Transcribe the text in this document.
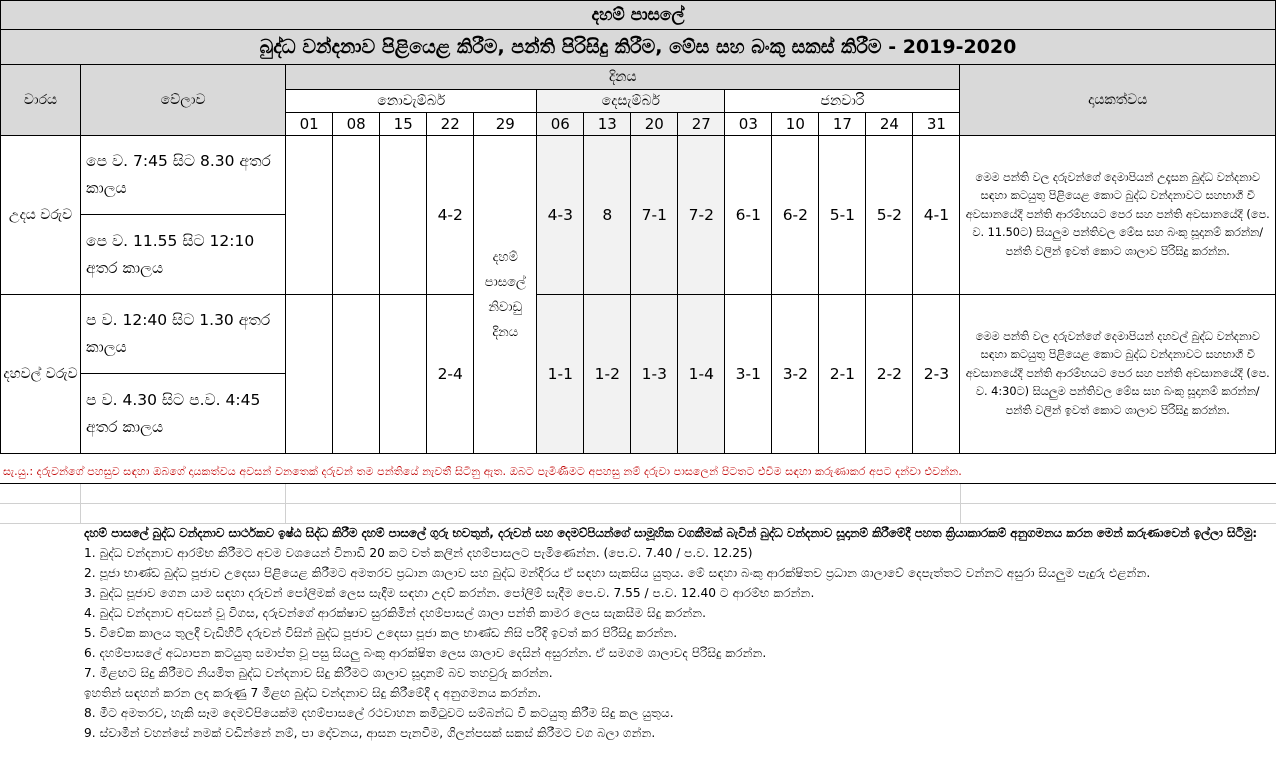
දහම් පාසලේ																
බුද්ධ වන්දනාව පිළියෙළ කිරීම, පන්ති පිරිසිදු කිරීම, මේස සහ බංකු සකස් කිරීම - 2019-2020																
වාරය	වේලාව	දිනය														දායකත්වය
		නොවැම්බර්					දෙසැම්බර්				ජනවාරි					
		01	08	15	22	29	06	13	20	27	03	10	17	24	31	
උදය වරුව	පෙ ව. 7:45 සිට 8.30 අතර කාලය				4-2	දහම් පාසලේ නිවාඩු දිනය	4-3	8	7-1	7-2	6-1	6-2	5-1	5-2	4-1	මෙම පන්ති වල දරුවන්ගේ දෙමාපියන් උදෑසන බුද්ධ වන්දනාව සඳහා කටයුතු පිළියෙළ කොට බුද්ධ වන්දනාවට සහභාගී වී අවසානයේදී පන්ති ආරම්භයට පෙර සහ පන්ති අවසානයේදී (පෙ. ව. 11.50ට) සියලුම පන්තිවල මේස සහ බංකු සූදානම් කරන්න/පන්ති වලින් ඉවත් කොට ශාලාව පිරිසිදු කරන්න.
	පෙ ව. 11.55 සිට 12:10 අතර කාලය															
දහවල් වරුව	ප ව. 12:40 සිට 1.30 අතර කාලය				2-4		1-1	1-2	1-3	1-4	3-1	3-2	2-1	2-2	2-3	මෙම පන්ති වල දරුවන්ගේ දෙමාපියන් දහවල් බුද්ධ වන්දනාව සඳහා කටයුතු පිළියෙළ කොට බුද්ධ වන්දනාවට සහභාගී වී අවසානයේදී පන්ති ආරම්භයට පෙර සහ පන්ති අවසානයේදී (පෙ. ව. 4:30ට) සියලුම පන්තිවල මේස සහ බංකු සූදානම් කරන්න/පන්ති වලින් ඉවත් කොට ශාලාව පිරිසිදු කරන්න.
	ප ව. 4.30 සිට ප.ව. 4:45 අතර කාලය															
සැ.යු.: දරුවන්ගේ පහසුව සඳහා ඔබගේ දායකත්වය අවසන් වනතෙක් දරුවන් තම පන්තියේ නැවතී සිටිනු ඇත. ඔබට පැමිණීමට අපහසු නම් දරුවා පාසලෙන් පිටතට එවීම සඳහා කරුණාකර අපට දන්වා එවන්න.

දහම් පාසලේ බුද්ධ වන්දනාව සාර්ථකව ඉෂ්ඨ සිද්ධ කිරීම දහම් පාසලේ ගුරු භවතුන්, දරුවන් සහ දෙමව්පියන්ගේ සාමූහික වගකීමක් බැවින් බුද්ධ වන්දනාව සූදානම් කිරීමේදී පහත ක්‍රියාකාරකම් අනුගමනය කරන මෙන් කරුණාවෙන් ඉල්ලා සිටිමු:

1. බුද්ධ වන්දනාව ආරම්භ කිරීමට අවම වශයෙන් විනාඩි 20 කට වත් කලින් දහම්පාසලට පැමිණෙන්න. (පෙ.ව. 7.40 / ප.ව. 12.25)
2. පූජා භාණ්ඩ බුද්ධ පූජාව උදෙසා පිළියෙළ කිරීමට අමතරව ප්‍රධාන ශාලාව සහ බුද්ධ මන්දිරය ඒ සඳහා සැකසිය යුතුය. මේ සඳහා බංකු ආරක්ෂිතව ප්‍රධාන ශාලාවේ දෙපැත්තට වන්නට අසුරා සියලුම පැදුරු එළන්න.
3. බුද්ධ පූජාව ගෙන යාම සඳහා දරුවන් පෝලිමක් ලෙස සැදීම සඳහා උදව් කරන්න. පෝලිම් සැදීම පෙ.ව. 7.55 / ප.ව. 12.40 ට ආරම්භ කරන්න.
4. බුද්ධ වන්දනාව අවසන් වූ විගස, දරුවන්ගේ ආරක්ෂාව සුරකිමින් දහම්පාසල් ශාලා පන්ති කාමර ලෙස සැකසීම සිදු කරන්න.
5. විවේක කාලය තුලදී වැඩිහිටි දරුවන් විසින් බුද්ධ පූජාව උදෙසා පූජා කල භාණ්ඩ නිසි පරිදි ඉවත් කර පිරිසිදු කරන්න.
6. දහම්පාසලේ අධ්‍යාපන කටයුතු සමාප්ත වූ පසු සියලු බංකු ආරක්ෂිත ලෙස ශාලාව දෙසින් අසුරන්න. ඒ සමගම ශාලාවද පිරිසිදු කරන්න.
7. මීළඟට සිදු කිරීමට නියමිත බුද්ධ වන්දනාව සිදු කිරීමට ශාලාව සූදානම් බව තහවුරු කරන්න.
ඉහතින් සඳහන් කරන ලද කරුණු 7 මීළඟ බුද්ධ වන්දනාව සිදු කිරීමේදී ද අනුගමනය කරන්න.
8. මීට අමතරව, හැකි සෑම දෙමව්පියෙක්ම දහම්පාසලේ රථවාහන කමිටුවට සම්බන්ධ වී කටයුතු කිරීම සිදු කල යුතුය.
9. ස්වාමීන් වහන්සේ නමක් වඩින්නේ නම්, පා දෝවනය, ආසන පැනවීම, ගිලන්පසක් සකස් කිරීමට වග බලා ගන්න.
